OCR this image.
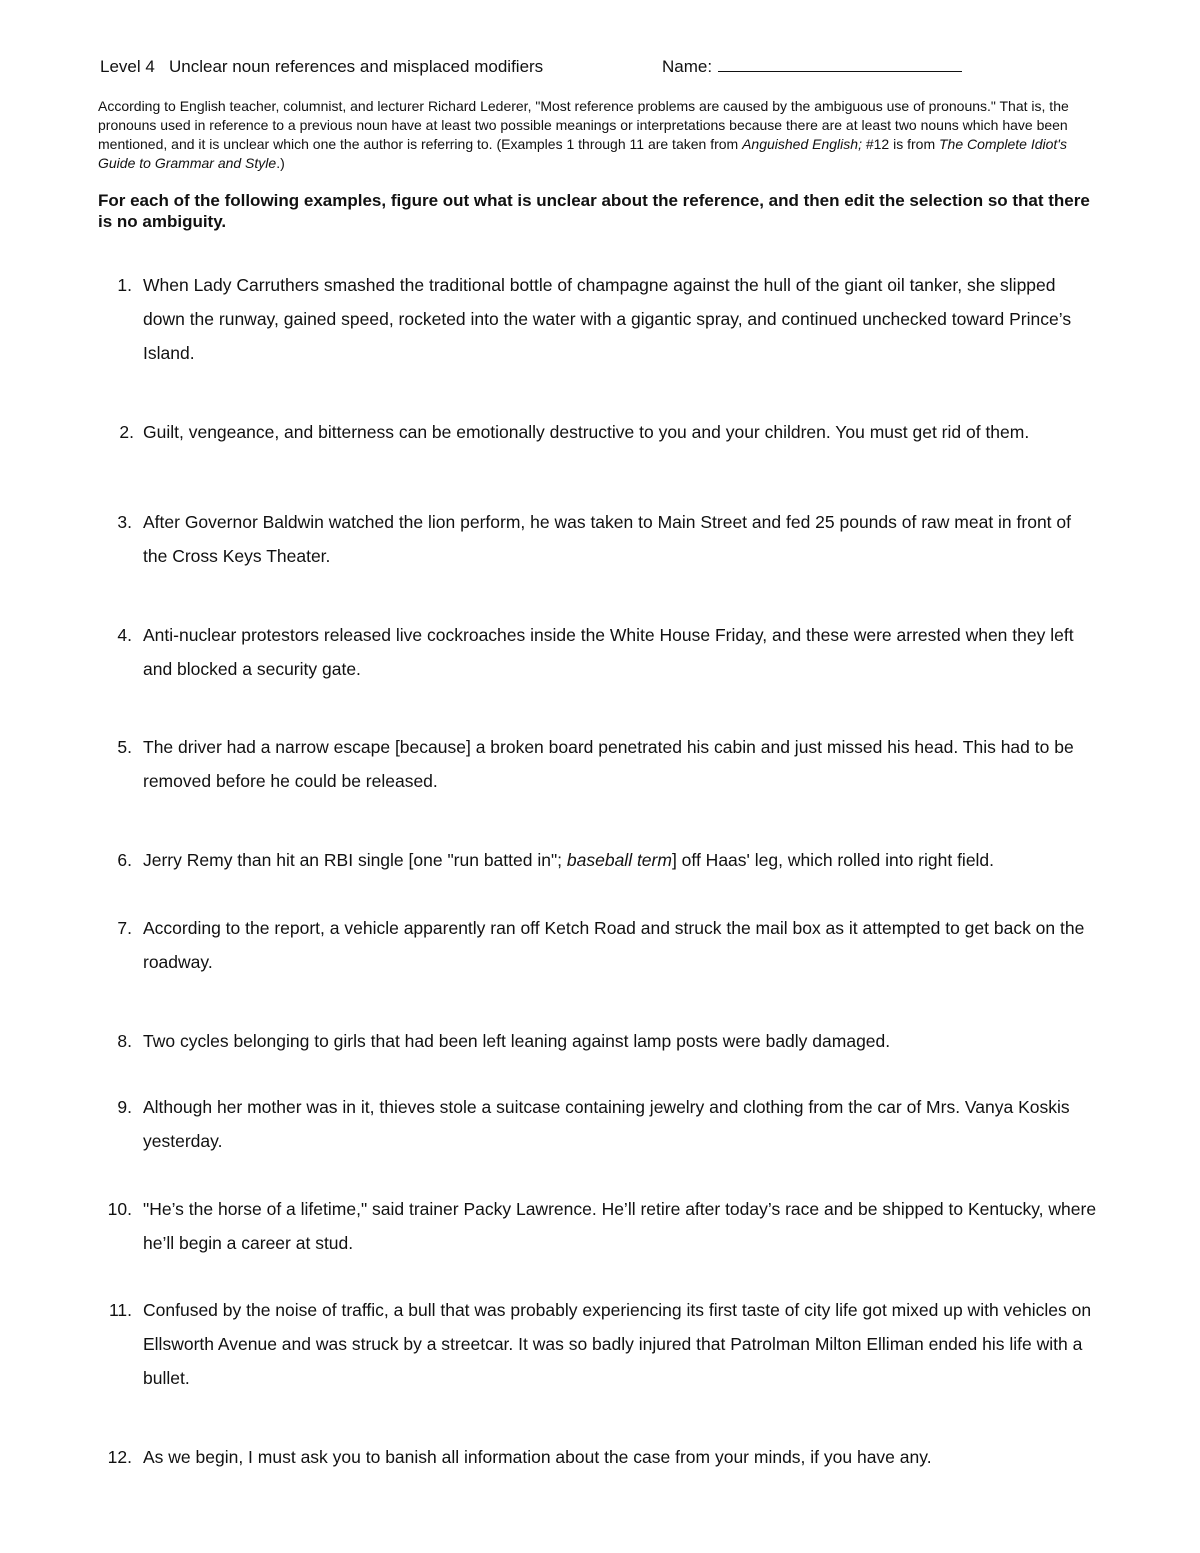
Level 4   Unclear noun references and misplaced modifiers	Name:
According to English teacher, columnist, and lecturer Richard Lederer, "Most reference problems are caused by the ambiguous use of pronouns." That is, the pronouns used in reference to a previous noun have at least two possible meanings or interpretations because there are at least two nouns which have been mentioned, and it is unclear which one the author is referring to. (Examples 1 through 11 are taken from Anguished English; #12 is from The Complete Idiot's Guide to Grammar and Style.)
For each of the following examples, figure out what is unclear about the reference, and then edit the selection so that there is no ambiguity.
1. When Lady Carruthers smashed the traditional bottle of champagne against the hull of the giant oil tanker, she slipped down the runway, gained speed, rocketed into the water with a gigantic spray, and continued unchecked toward Prince’s Island.
2. Guilt, vengeance, and bitterness can be emotionally destructive to you and your children. You must get rid of them.
3. After Governor Baldwin watched the lion perform, he was taken to Main Street and fed 25 pounds of raw meat in front of the Cross Keys Theater.
4. Anti-nuclear protestors released live cockroaches inside the White House Friday, and these were arrested when they left and blocked a security gate.
5. The driver had a narrow escape [because] a broken board penetrated his cabin and just missed his head. This had to be removed before he could be released.
6. Jerry Remy than hit an RBI single [one "run batted in"; baseball term] off Haas' leg, which rolled into right field.
7. According to the report, a vehicle apparently ran off Ketch Road and struck the mail box as it attempted to get back on the roadway.
8. Two cycles belonging to girls that had been left leaning against lamp posts were badly damaged.
9. Although her mother was in it, thieves stole a suitcase containing jewelry and clothing from the car of Mrs. Vanya Koskis yesterday.
10. "He’s the horse of a lifetime," said trainer Packy Lawrence. He’ll retire after today’s race and be shipped to Kentucky, where he’ll begin a career at stud.
11. Confused by the noise of traffic, a bull that was probably experiencing its first taste of city life got mixed up with vehicles on Ellsworth Avenue and was struck by a streetcar. It was so badly injured that Patrolman Milton Elliman ended his life with a bullet.
12. As we begin, I must ask you to banish all information about the case from your minds, if you have any.
